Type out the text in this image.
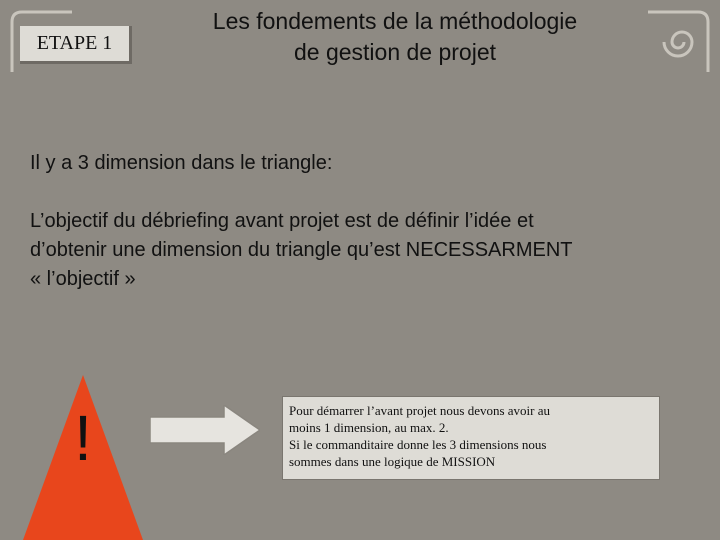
ETAPE 1
Les fondements de la méthodologie
de gestion de projet
Il y a 3 dimension dans le triangle:
L’objectif du débriefing avant projet est de définir l’idée et
d’obtenir une dimension du triangle qu’est NECESSARMENT
« l’objectif »
!	Pour démarrer l’avant projet nous devons avoir au
moins 1 dimension, au max. 2.
Si le commanditaire donne les 3 dimensions nous
sommes dans une logique de MISSION
